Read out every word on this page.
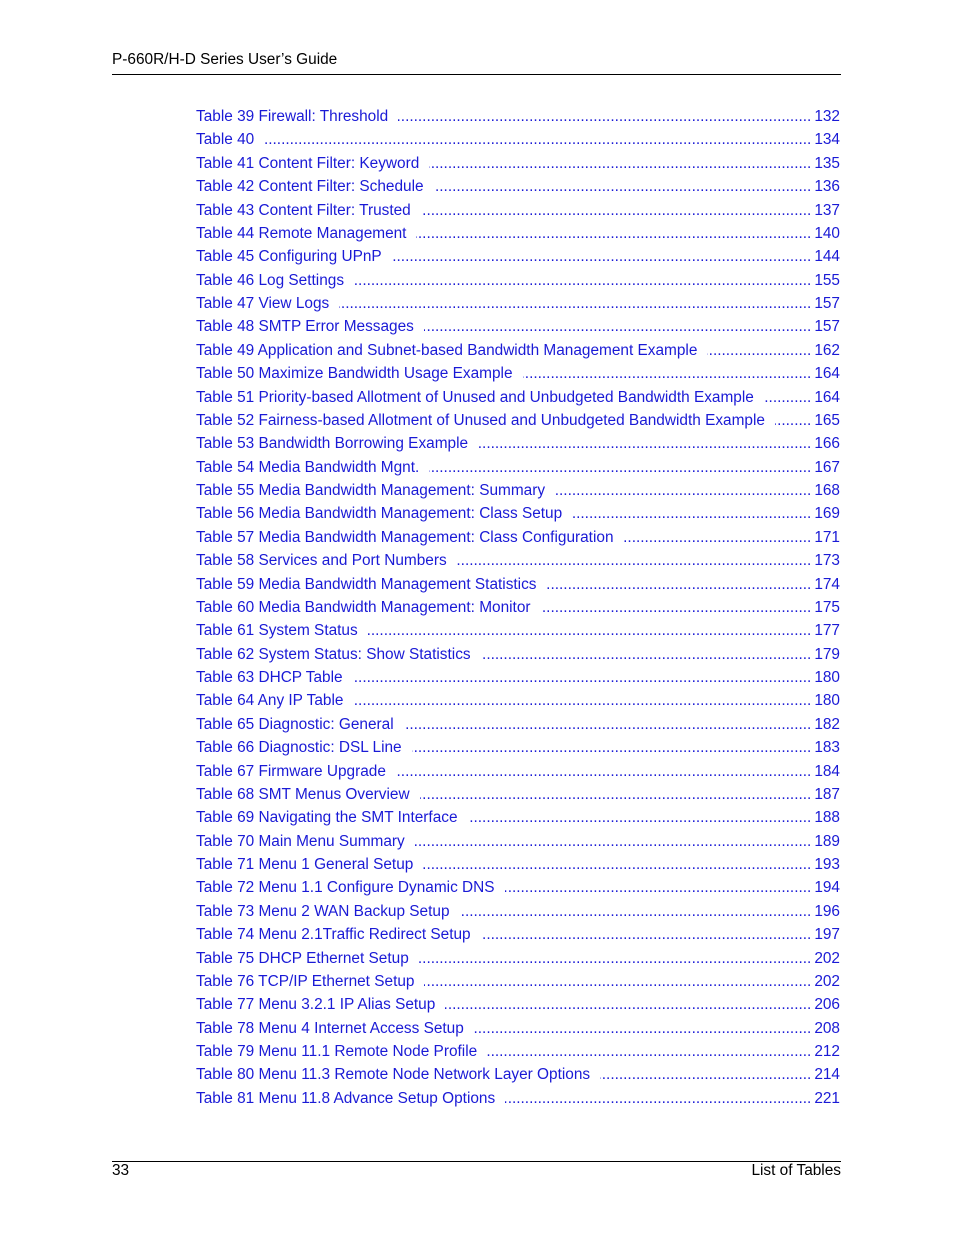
P-660R/H-D Series User’s Guide
Table 39 Firewall: Threshold .....	132
Table 40 .....	134
Table 41 Content Filter: Keyword .....	135
Table 42 Content Filter: Schedule .....	136
Table 43 Content Filter: Trusted .....	137
Table 44 Remote Management .....	140
Table 45 Configuring UPnP .....	144
Table 46 Log Settings .....	155
Table 47 View Logs .....	157
Table 48 SMTP Error Messages .....	157
Table 49 Application and Subnet-based Bandwidth Management Example .....	162
Table 50 Maximize Bandwidth Usage Example .....	164
Table 51 Priority-based Allotment of Unused and Unbudgeted Bandwidth Example .....	164
Table 52 Fairness-based Allotment of Unused and Unbudgeted Bandwidth Example .....	165
Table 53 Bandwidth Borrowing Example .....	166
Table 54 Media Bandwidth Mgnt. .....	167
Table 55 Media Bandwidth Management: Summary .....	168
Table 56 Media Bandwidth Management: Class Setup .....	169
Table 57 Media Bandwidth Management: Class Configuration .....	171
Table 58 Services and Port Numbers .....	173
Table 59 Media Bandwidth Management Statistics .....	174
Table 60 Media Bandwidth Management: Monitor .....	175
Table 61 System Status .....	177
Table 62 System Status: Show Statistics .....	179
Table 63 DHCP Table .....	180
Table 64 Any IP Table .....	180
Table 65 Diagnostic: General .....	182
Table 66 Diagnostic: DSL Line .....	183
Table 67 Firmware Upgrade .....	184
Table 68 SMT Menus Overview .....	187
Table 69 Navigating the SMT Interface .....	188
Table 70 Main Menu Summary .....	189
Table 71 Menu 1 General Setup .....	193
Table 72 Menu 1.1 Configure Dynamic DNS .....	194
Table 73 Menu 2 WAN Backup Setup .....	196
Table 74 Menu 2.1Traffic Redirect Setup .....	197
Table 75 DHCP Ethernet Setup .....	202
Table 76 TCP/IP Ethernet Setup .....	202
Table 77 Menu 3.2.1 IP Alias Setup .....	206
Table 78 Menu 4 Internet Access Setup .....	208
Table 79 Menu 11.1 Remote Node Profile .....	212
Table 80 Menu 11.3 Remote Node Network Layer Options .....	214
Table 81 Menu 11.8 Advance Setup Options .....	221
33	List of Tables
